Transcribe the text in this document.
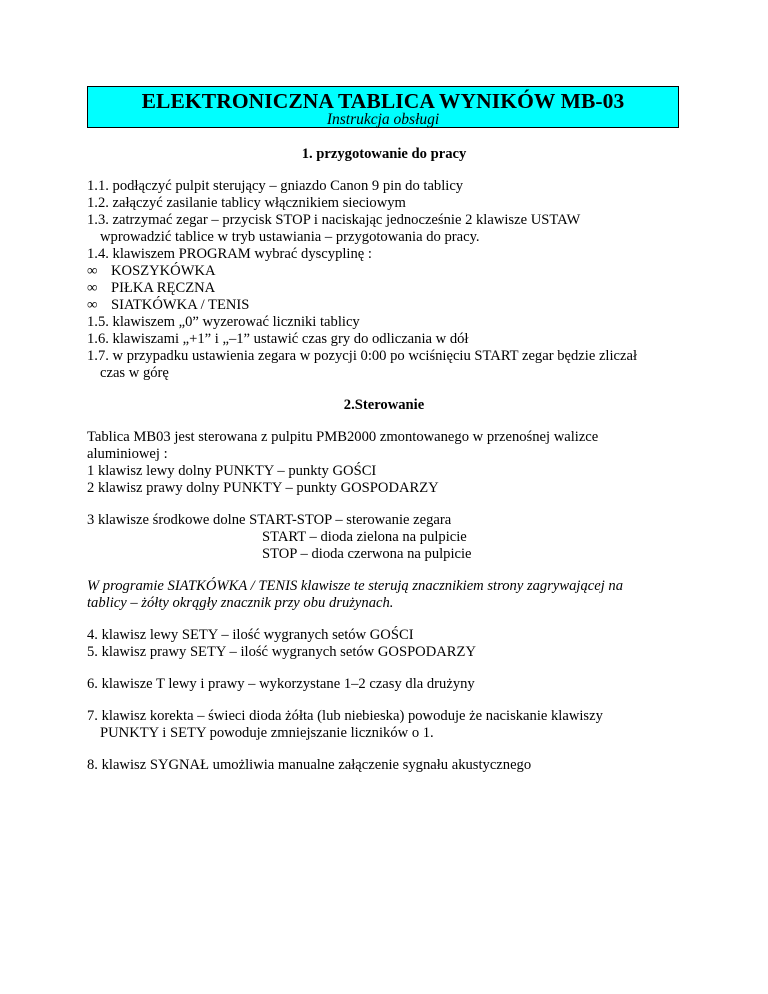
ELEKTRONICZNA TABLICA WYNIKÓW MB-03
Instrukcja obsługi
1. przygotowanie do pracy
1.1. podłączyć pulpit sterujący – gniazdo Canon 9 pin do tablicy
1.2. załączyć zasilanie tablicy włącznikiem sieciowym
1.3. zatrzymać zegar – przycisk STOP i naciskając jednocześnie 2 klawisze USTAW
wprowadzić tablice w tryb ustawiania – przygotowania do pracy.
1.4. klawiszem PROGRAM wybrać dyscyplinę :
∞ KOSZYKÓWKA
∞ PIŁKA RĘCZNA
∞ SIATKÓWKA / TENIS
1.5. klawiszem „0” wyzerować liczniki tablicy
1.6. klawiszami „+1” i „–1” ustawić czas gry do odliczania w dół
1.7. w przypadku ustawienia zegara w pozycji 0:00 po wciśnięciu START zegar będzie zliczał
czas w górę
2.Sterowanie
Tablica MB03 jest sterowana z pulpitu PMB2000 zmontowanego w przenośnej walizce
aluminiowej :
1 klawisz lewy dolny PUNKTY – punkty GOŚCI
2 klawisz prawy dolny PUNKTY – punkty GOSPODARZY
3 klawisze środkowe dolne START-STOP – sterowanie zegara
START – dioda zielona na pulpicie
STOP – dioda czerwona na pulpicie
W programie SIATKÓWKA / TENIS klawisze te sterują znacznikiem strony zagrywającej na
tablicy – żółty okrągły znacznik przy obu drużynach.
4. klawisz lewy SETY – ilość wygranych setów GOŚCI
5. klawisz prawy SETY – ilość wygranych setów GOSPODARZY
6. klawisze T lewy i prawy – wykorzystane 1–2 czasy dla drużyny
7. klawisz korekta – świeci dioda żółta (lub niebieska) powoduje że naciskanie klawiszy
PUNKTY i SETY powoduje zmniejszanie liczników o 1.
8. klawisz SYGNAŁ umożliwia manualne załączenie sygnału akustycznego
